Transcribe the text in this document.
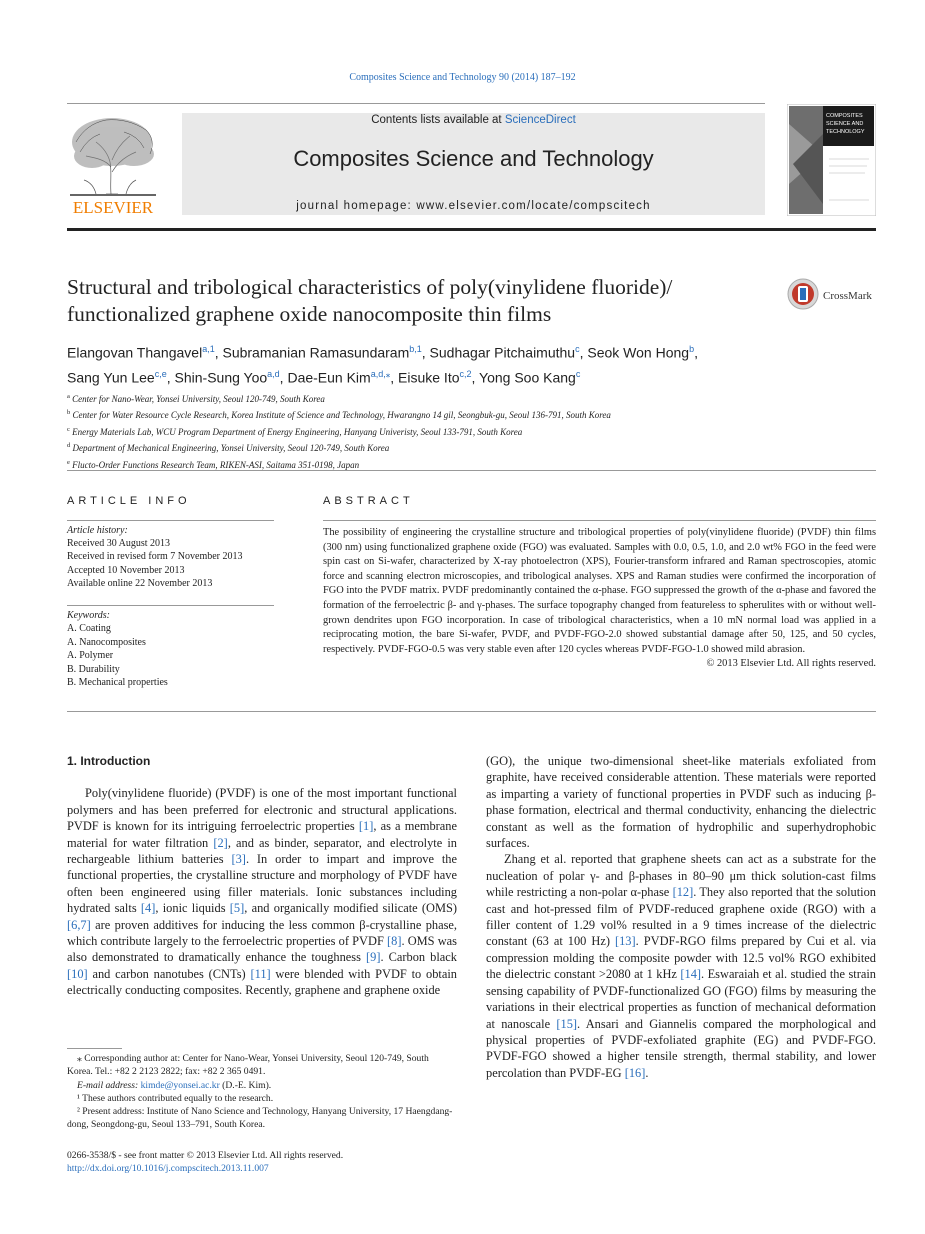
Composites Science and Technology 90 (2014) 187–192
ELSEVIER
Contents lists available at ScienceDirect
Composites Science and Technology
journal homepage: www.elsevier.com/locate/compscitech
COMPOSITES
SCIENCE AND
TECHNOLOGY
Structural and tribological characteristics of poly(vinylidene fluoride)/
functionalized graphene oxide nanocomposite thin films
CrossMark
Elangovan Thangavel$^{a,1}$, Subramanian Ramasundaram$^{b,1}$, Sudhagar Pitchaimuthu$^c$, Seok Won Hong$^b$,
Sang Yun Lee$^{c,e}$, Shin-Sung Yoo$^{a,d}$, Dae-Eun Kim$^{a,d,⁎}$, Eisuke Ito$^{c,2}$, Yong Soo Kang$^c$
$^a$ Center for Nano-Wear, Yonsei University, Seoul 120-749, South Korea
$^b$ Center for Water Resource Cycle Research, Korea Institute of Science and Technology, Hwarangno 14 gil, Seongbuk-gu, Seoul 136-791, South Korea
$^c$ Energy Materials Lab, WCU Program Department of Energy Engineering, Hanyang Univeristy, Seoul 133-791, South Korea
$^d$ Department of Mechanical Engineering, Yonsei University, Seoul 120-749, South Korea
$^e$ Flucto-Order Functions Research Team, RIKEN-ASI, Saitama 351-0198, Japan
ARTICLE INFO	ABSTRACT
Article history:
Received 30 August 2013
Received in revised form 7 November 2013
Accepted 10 November 2013
Available online 22 November 2013
Keywords:
A. Coating
A. Nanocomposites
A. Polymer
B. Durability
B. Mechanical properties
The possibility of engineering the crystalline structure and tribological properties of poly(vinylidene fluoride) (PVDF) thin films (300 nm) using functionalized graphene oxide (FGO) was evaluated. Samples with 0.0, 0.5, 1.0, and 2.0 wt% FGO in the feed were spin cast on Si-wafer, characterized by X-ray photoelectron (XPS), Fourier-transform infrared and Raman spectroscopies, atomic force and scanning electron microscopies, and tribological analyses. XPS and Raman studies were confirmed the incorporation of FGO into the PVDF matrix. PVDF predominantly contained the α-phase. FGO suppressed the growth of the α-phase and favored the formation of the ferroelectric β- and γ-phases. The surface topography changed from featureless to spherulites with or without well-grown dendrites upon FGO incorporation. In case of tribological characteristics, when a 10 mN normal load was applied in a reciprocating motion, the bare Si-wafer, PVDF, and PVDF-FGO-2.0 showed substantial damage after 50, 125, and 50 cycles, respectively. PVDF-FGO-0.5 was very stable even after 120 cycles whereas PVDF-FGO-1.0 showed mild abrasion.
© 2013 Elsevier Ltd. All rights reserved.
1. Introduction

Poly(vinylidene fluoride) (PVDF) is one of the most important functional polymers and has been preferred for electronic and structural applications. PVDF is known for its intriguing ferroelectric properties [1], as a membrane material for water filtration [2], and as binder, separator, and electrolyte in rechargeable lithium batteries [3]. In order to impart and improve the functional properties, the crystalline structure and morphology of PVDF have often been engineered using filler materials. Ionic substances including hydrated salts [4], ionic liquids [5], and organically modified silicate (OMS)[6,7] are proven additives for inducing the less common β-crystalline phase, which contribute largely to the ferroelectric properties of PVDF [8]. OMS was also demonstrated to dramatically enhance the toughness [9]. Carbon black [10] and carbon nanotubes (CNTs) [11] were blended with PVDF to obtain electrically conducting composites. Recently, graphene and graphene oxide

(GO), the unique two-dimensional sheet-like materials exfoliated from graphite, have received considerable attention. These materials were reported as imparting a variety of functional properties in PVDF such as inducing β-phase formation, electrical and thermal conductivity, enhancing the dielectric constant as well as the formation of hydrophilic and superhydrophobic surfaces.

Zhang et al. reported that graphene sheets can act as a substrate for the nucleation of polar γ- and β-phases in 80–90 μm thick solution-cast films while restricting a non-polar α-phase [12]. They also reported that the solution cast and hot-pressed film of PVDF-reduced graphene oxide (RGO) with a filler content of 1.29 vol% resulted in a 9 times increase of the dielectric constant (63 at 100 Hz) [13]. PVDF-RGO films prepared by Cui et al. via compression molding the composite powder with 12.5 vol% RGO exhibited the dielectric constant >2080 at 1 kHz [14]. Eswaraiah et al. studied the strain sensing capability of PVDF-functionalized GO (FGO) films by measuring the variations in their electrical properties as function of mechanical deformation at nanoscale [15]. Ansari and Giannelis compared the morphological and physical properties of PVDF-exfoliated graphite (EG) and PVDF-FGO. PVDF-FGO showed a higher tensile strength, thermal stability, and lower percolation than PVDF-EG [16].

⁎ Corresponding author at: Center for Nano-Wear, Yonsei University, Seoul 120-749, South Korea. Tel.: +82 2 2123 2822; fax: +82 2 365 0491.
E-mail address: kimde@yonsei.ac.kr (D.-E. Kim).
¹ These authors contributed equally to the research.
² Present address: Institute of Nano Science and Technology, Hanyang University, 17 Haengdang-dong, Seongdong-gu, Seoul 133–791, South Korea.
0266-3538/$ - see front matter © 2013 Elsevier Ltd. All rights reserved.
http://dx.doi.org/10.1016/j.compscitech.2013.11.007
